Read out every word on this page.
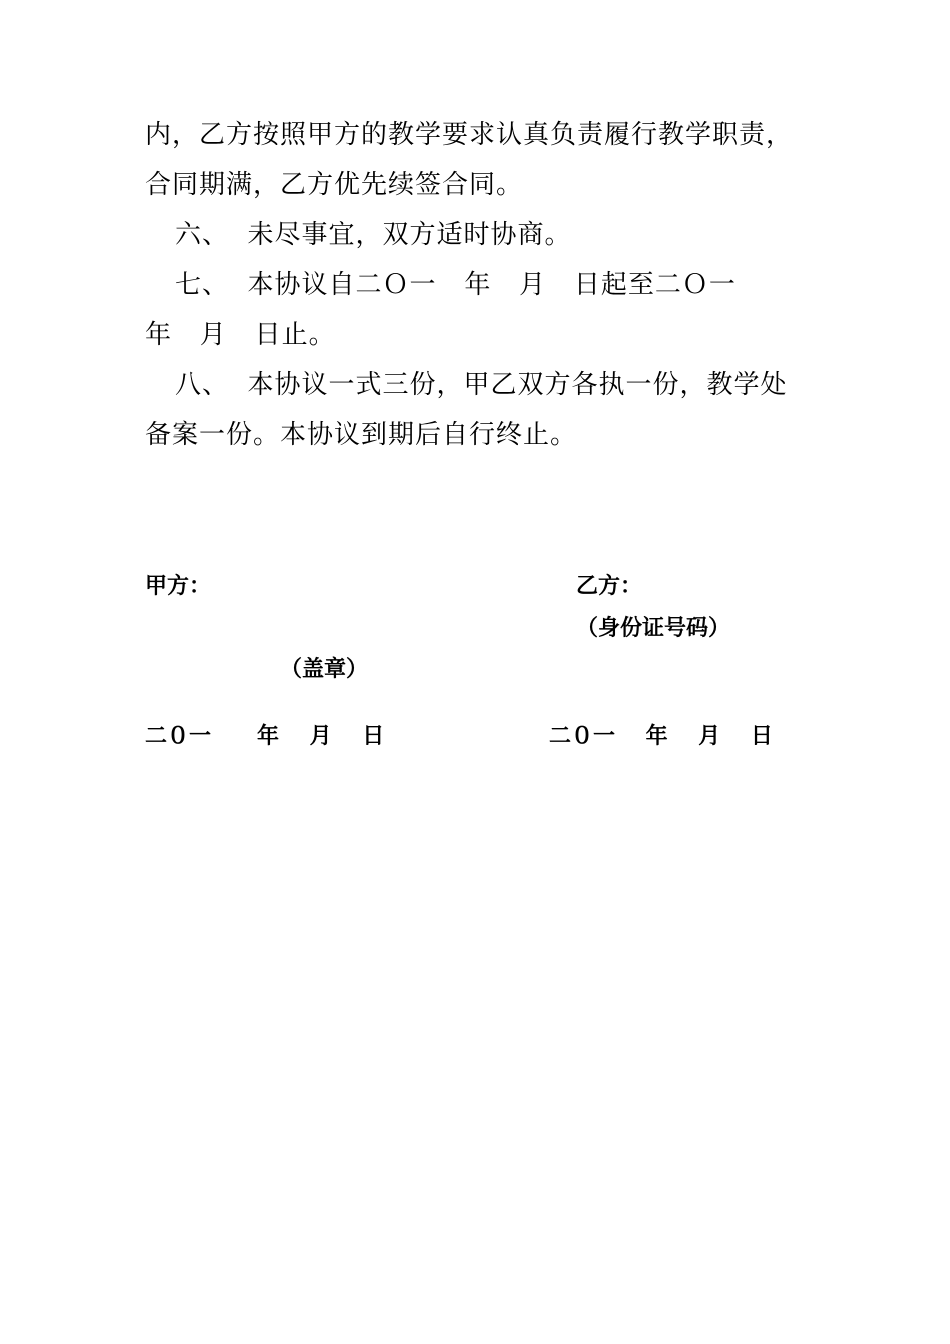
内，乙方按照甲方的教学要求认真负责履行教学职责，
合同期满，乙方优先续签合同。
六、  未尽事宜，双方适时协商。
七、  本协议自二Ｏ一   年   月   日起至二Ｏ一
年   月   日止。
八、  本协议一式三份，甲乙双方各执一份，教学处
备案一份。本协议到期后自行终止。
甲方：	乙方：
（身份证号码）
（盖章）
二０一      年    月    日	二０一    年    月    日
